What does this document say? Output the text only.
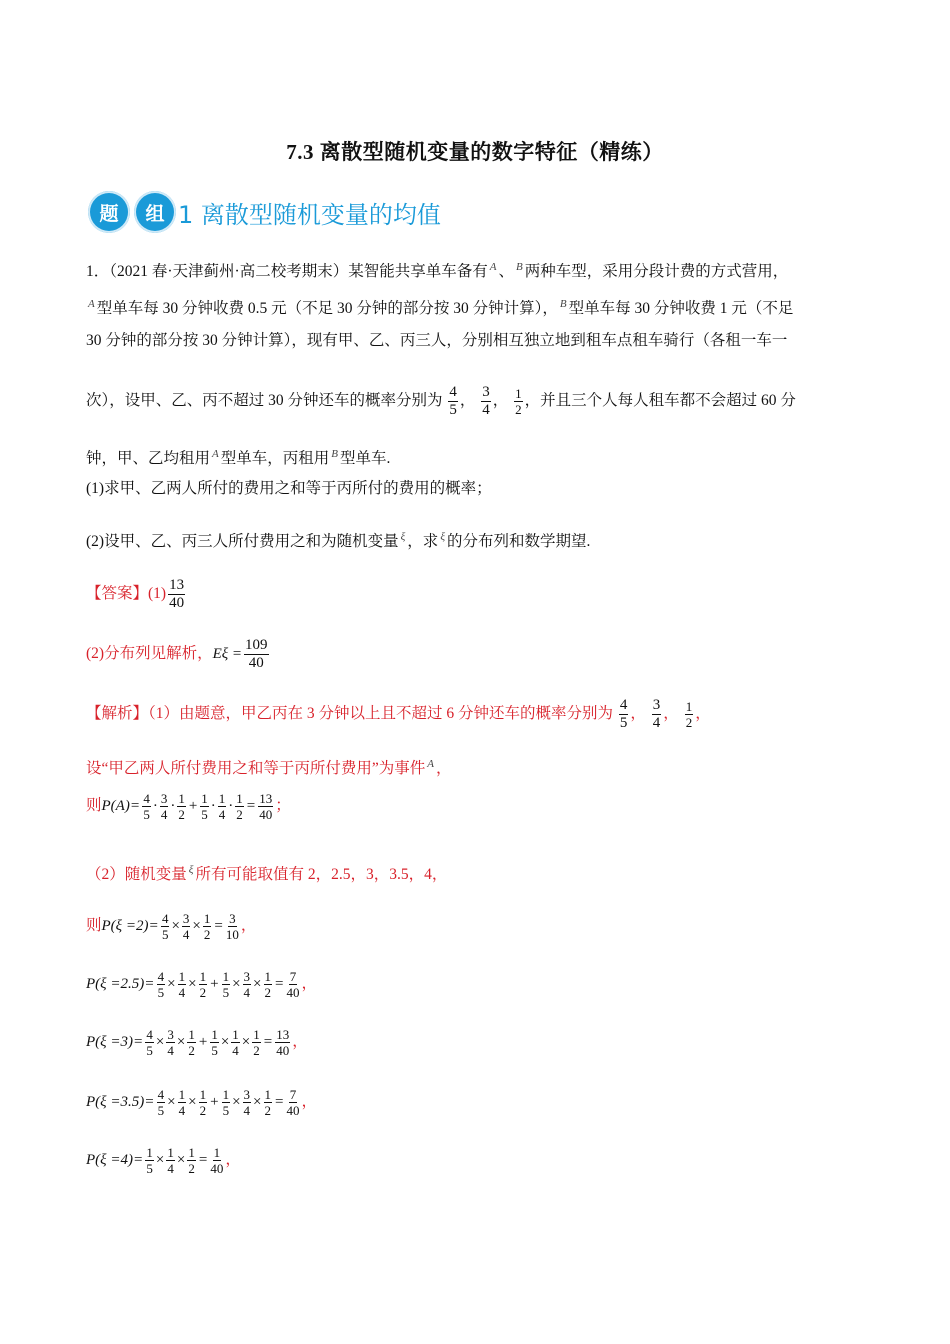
7.3 离散型随机变量的数字特征（精练）
题	组 1 离散型随机变量的均值
1．（2021 春·天津蓟州·高二校考期末）某智能共享单车备有 $^A$ 、 $^B$ 两种车型，采用分段计费的方式营用，
$^A$ 型单车每 30 分钟收费 0.5 元（不足 30 分钟的部分按 30 分钟计算）， $^B$ 型单车每 30 分钟收费 1 元（不足
30 分钟的部分按 30 分钟计算），现有甲、乙、丙三人，分别相互独立地到租车点租车骑行（各租一车一
次），设甲、乙、丙不超过 30 分钟还车的概率分别为 $\frac{4}{5}$ ， $\frac{3}{4}$ ， $\frac{1}{2}$ ，并且三个人每人租车都不会超过 60 分
钟，甲、乙均租用 $^A$ 型单车，丙租用 $^B$ 型单车.
(1)求甲、乙两人所付的费用之和等于丙所付的费用的概率；
(2)设甲、乙、丙三人所付费用之和为随机变量 $^\xi$ ，求 $^\xi$ 的分布列和数学期望.
【答案】$(1) \frac{13}{40}$
(2)分布列见解析， $E\xi = \frac{109}{40}$
【解析】（1）由题意，甲乙丙在 3 分钟以上且不超过 6 分钟还车的概率分别为 $\frac{4}{5}$ ， $\frac{3}{4}$ ， $\frac{1}{2}$ ，
设“甲乙两人所付费用之和等于丙所付费用”为事件 $^A$ ，
则 $P(A) = \frac{4}{5} \cdot \frac{3}{4} \cdot \frac{1}{2} + \frac{1}{5} \cdot \frac{1}{4} \cdot \frac{1}{2} = \frac{13}{40}$ ；
（2）随机变量 $^\xi$ 所有可能取值有 2，2.5，3，3.5，4，
则 $P(\xi =2) = \frac{4}{5} \times \frac{3}{4} \times \frac{1}{2} = \frac{3}{10}$ ，
$P(\xi =2.5) = \frac{4}{5} \times \frac{1}{4} \times \frac{1}{2} + \frac{1}{5} \times \frac{3}{4} \times \frac{1}{2} = \frac{7}{40}$ ，
$P(\xi =3) = \frac{4}{5} \times \frac{3}{4} \times \frac{1}{2} + \frac{1}{5} \times \frac{1}{4} \times \frac{1}{2} = \frac{13}{40}$ ，
$P(\xi =3.5) = \frac{4}{5} \times \frac{1}{4} \times \frac{1}{2} + \frac{1}{5} \times \frac{3}{4} \times \frac{1}{2} = \frac{7}{40}$ ，
$P(\xi =4) = \frac{1}{5} \times \frac{1}{4} \times \frac{1}{2} = \frac{1}{40}$ ，
